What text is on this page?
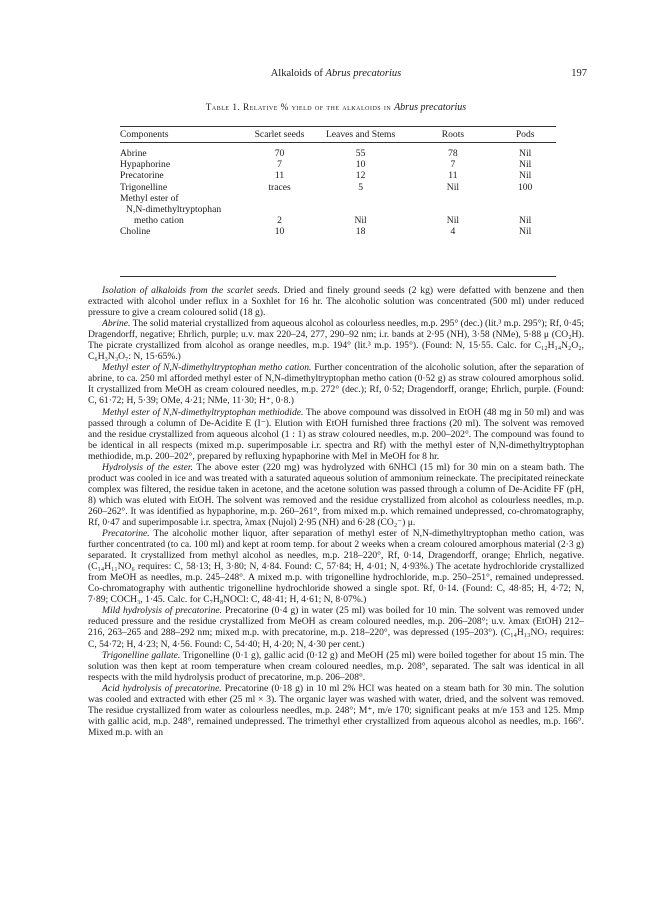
Alkaloids of Abrus precatorius	197
Table 1. Relative % yield of the alkaloids in Abrus precatorius
Components	Scarlet seeds	Leaves and Stems	Roots	Pods
Abrine	70	55	78	Nil
Hypaphorine	7	10	7	Nil
Precatorine	11	12	11	Nil
Trigonelline	traces	5	Nil	100
Methyl ester of				
N,N-dimethyltryptophan				
metho cation	2	Nil	Nil	Nil
Choline	10	18	4	Nil

Isolation of alkaloids from the scarlet seeds. Dried and finely ground seeds (2 kg) were defatted with benzene and then extracted with alcohol under reflux in a Soxhlet for 16 hr. The alcoholic solution was concentrated (500 ml) under reduced pressure to give a cream coloured solid (18 g).

Abrine. The solid material crystallized from aqueous alcohol as colourless needles, m.p. 295° (dec.) (lit.³ m.p. 295°); Rf, 0·45; Dragendorff, negative; Ehrlich, purple; u.v. max 220–24, 277, 290–92 nm; i.r. bands at 2·95 (NH), 3·58 (NMe), 5·88 μ (CO₂H). The picrate crystallized from alcohol as orange needles, m.p. 194° (lit.³ m.p. 195°). (Found: N, 15·55. Calc. for C₁₂H₁₄N₂O₂, C₆H₃N₃O₇: N, 15·65%.)

Methyl ester of N,N-dimethyltryptophan metho cation. Further concentration of the alcoholic solution, after the separation of abrine, to ca. 250 ml afforded methyl ester of N,N-dimethyltryptophan metho cation (0·52 g) as straw coloured amorphous solid. It crystallized from MeOH as cream coloured needles, m.p. 272° (dec.); Rf, 0·52; Dragendorff, orange; Ehrlich, purple. (Found: C, 61·72; H, 5·39; OMe, 4·21; NMe, 11·30; H⁺, 0·8.)

Methyl ester of N,N-dimethyltryptophan methiodide. The above compound was dissolved in EtOH (48 mg in 50 ml) and was passed through a column of De-Acidite E (I⁻). Elution with EtOH furnished three fractions (20 ml). The solvent was removed and the residue crystallized from aqueous alcohol (1 : 1) as straw coloured needles, m.p. 200–202°. The compound was found to be identical in all respects (mixed m.p. superimposable i.r. spectra and Rf) with the methyl ester of N,N-dimethyltryptophan methiodide, m.p. 200–202°, prepared by refluxing hypaphorine with MeI in MeOH for 8 hr.

Hydrolysis of the ester. The above ester (220 mg) was hydrolyzed with 6NHCl (15 ml) for 30 min on a steam bath. The product was cooled in ice and was treated with a saturated aqueous solution of ammonium reineckate. The precipitated reineckate complex was filtered, the residue taken in acetone, and the acetone solution was passed through a column of De-Acidite FF (pH, 8) which was eluted with EtOH. The solvent was removed and the residue crystallized from alcohol as colourless needles, m.p. 260–262°. It was identified as hypaphorine, m.p. 260–261°, from mixed m.p. which remained undepressed, co-chromatography, Rf, 0·47 and superimposable i.r. spectra, λmax (Nujol) 2·95 (NH) and 6·28 (CO₂⁻) μ.

Precatorine. The alcoholic mother liquor, after separation of methyl ester of N,N-dimethyltryptophan metho cation, was further concentrated (to ca. 100 ml) and kept at room temp. for about 2 weeks when a cream coloured amorphous material (2·3 g) separated. It crystallized from methyl alcohol as needles, m.p. 218–220°, Rf, 0·14, Dragendorff, orange; Ehrlich, negative. (C₁₄H₁₁NO₆ requires: C, 58·13; H, 3·80; N, 4·84. Found: C, 57·84; H, 4·01; N, 4·93%.) The acetate hydrochloride crystallized from MeOH as needles, m.p. 245–248°. A mixed m.p. with trigonelline hydrochloride, m.p. 250–251°, remained undepressed. Co-chromatography with authentic trigonelline hydrochloride showed a single spot. Rf, 0·14. (Found: C, 48·85; H, 4·72; N, 7·89; COCH₃, 1·45. Calc. for C₇H₈NOCl: C, 48·41; H, 4·61; N, 8·07%.)

Mild hydrolysis of precatorine. Precatorine (0·4 g) in water (25 ml) was boiled for 10 min. The solvent was removed under reduced pressure and the residue crystallized from MeOH as cream coloured needles, m.p. 206–208°; u.v. λmax (EtOH) 212–216, 263–265 and 288–292 nm; mixed m.p. with precatorine, m.p. 218–220°, was depressed (195–203°). (C₁₄H₁₃NO₇ requires: C, 54·72; H, 4·23; N, 4·56. Found: C, 54·40; H, 4·20; N, 4·30 per cent.)

Trigonelline gallate. Trigonelline (0·1 g), gallic acid (0·12 g) and MeOH (25 ml) were boiled together for about 15 min. The solution was then kept at room temperature when cream coloured needles, m.p. 208°, separated. The salt was identical in all respects with the mild hydrolysis product of precatorine, m.p. 206–208°.

Acid hydrolysis of precatorine. Precatorine (0·18 g) in 10 ml 2% HCl was heated on a steam bath for 30 min. The solution was cooled and extracted with ether (25 ml × 3). The organic layer was washed with water, dried, and the solvent was removed. The residue crystallized from water as colourless needles, m.p. 248°; M⁺, m/e 170; significant peaks at m/e 153 and 125. Mmp with gallic acid, m.p. 248°, remained undepressed. The trimethyl ether crystallized from aqueous alcohol as needles, m.p. 166°. Mixed m.p. with an
